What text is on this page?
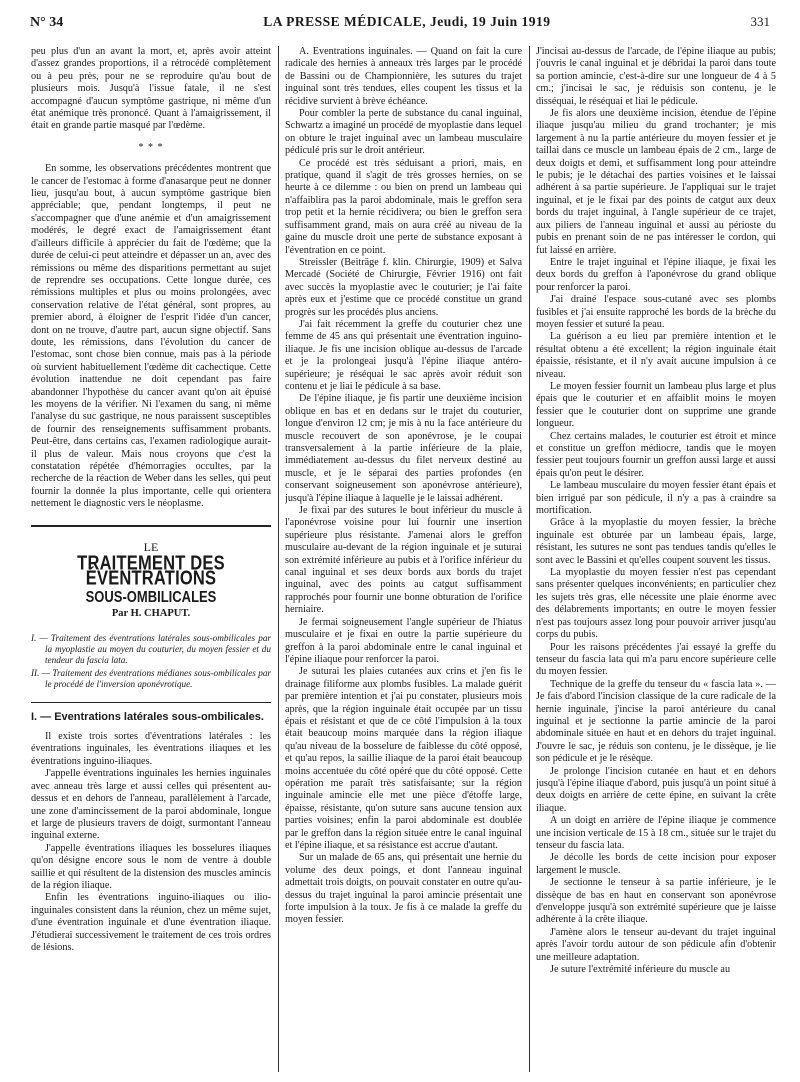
N° 34	LA PRESSE MÉDICALE, Jeudi, 19 Juin 1919	331

peu plus d'un an avant la mort, et, après avoir atteint d'assez grandes proportions, il a rétrocédé complètement ou à peu près, pour ne se reproduire qu'au bout de plusieurs mois. Jusqu'à l'issue fatale, il ne s'est accompagné d'aucun symptôme gastrique, ni même d'un état anémique très prononcé. Quant à l'amaigrissement, il était en grande partie masqué par l'œdème.

* * *

En somme, les observations précédentes montrent que le cancer de l'estomac à forme d'anasarque peut ne donner lieu, jusqu'au bout, à aucun symptôme gastrique bien appréciable; que, pendant longtemps, il peut ne s'accompagner que d'une anémie et d'un amaigrissement modérés, le degré exact de l'amaigrissement étant d'ailleurs difficile à apprécier du fait de l'œdème; que la durée de celui-ci peut atteindre et dépasser un an, avec des rémissions ou même des disparitions permettant au sujet de reprendre ses occupations. Cette longue durée, ces rémissions multiples et plus ou moins prolongées, avec conservation relative de l'état général, sont propres, au premier abord, à éloigner de l'esprit l'idée d'un cancer, dont on ne trouve, d'autre part, aucun signe objectif. Sans doute, les rémissions, dans l'évolution du cancer de l'estomac, sont chose bien connue, mais pas à la période où survient habituellement l'œdème dit cachectique. Cette évolution inattendue ne doit cependant pas faire abandonner l'hypothèse du cancer avant qu'on ait épuisé les moyens de la vérifier. Ni l'examen du sang, ni même l'analyse du suc gastrique, ne nous paraissent susceptibles de fournir des renseignements suffisamment probants. Peut-être, dans certains cas, l'examen radiologique aurait-il plus de valeur. Mais nous croyons que c'est la constatation répétée d'hémorragies occultes, par la recherche de la réaction de Weber dans les selles, qui peut fournir la donnée la plus importante, celle qui orientera nettement le diagnostic vers le néoplasme.

LE
TRAITEMENT DES ÉVENTRATIONS
SOUS-OMBILICALES
Par H. CHAPUT.
I. — Traitement des éventrations latérales sous-ombilicales par la myoplastie au moyen du couturier, du moyen fessier et du tendeur du fascia lata.
II. — Traitement des éventrations médianes sous-ombilicales par le procédé de l'inversion aponévrotique.
I. — Eventrations latérales sous-ombilicales.

Il existe trois sortes d'éventrations latérales : les éventrations inguinales, les éventrations iliaques et les éventrations inguino-iliaques.

J'appelle éventrations inguinales les hernies inguinales avec anneau très large et aussi celles qui présentent au-dessus et en dehors de l'anneau, parallèlement à l'arcade, une zone d'amincissement de la paroi abdominale, longue et large de plusieurs travers de doigt, surmontant l'anneau inguinal externe.

J'appelle éventrations iliaques les bosselures iliaques qu'on désigne encore sous le nom de ventre à double saillie et qui résultent de la distension des muscles amincis de la région iliaque.

Enfin les éventrations inguino-iliaques ou ilio-inguinales consistent dans la réunion, chez un même sujet, d'une éventration inguinale et d'une éventration iliaque. J'étudierai successivement le traitement de ces trois ordres de lésions.

A. Eventrations inguinales. — Quand on fait la cure radicale des hernies à anneaux très larges par le procédé de Bassini ou de Championnière, les sutures du trajet inguinal sont très tendues, elles coupent les tissus et la récidive survient à brève échéance.

Pour combler la perte de substance du canal inguinal, Schwartz a imaginé un procédé de myoplastie dans lequel on obture le trajet inguinal avec un lambeau musculaire pédiculé pris sur le droit antérieur.

Ce procédé est très séduisant a priori, mais, en pratique, quand il s'agit de très grosses hernies, on se heurte à ce dilemme : ou bien on prend un lambeau qui n'affaiblira pas la paroi abdominale, mais le greffon sera trop petit et la hernie récidivera; ou bien le greffon sera suffisamment grand, mais on aura créé au niveau de la gaine du muscle droit une perte de substance exposant à l'éventration en ce point.

Streissler (Beiträge f. klin. Chirurgie, 1909) et Salva Mercadé (Société de Chirurgie, Février 1916) ont fait avec succès la myoplastie avec le couturier; je l'ai faite après eux et j'estime que ce procédé constitue un grand progrès sur les procédés plus anciens.

J'ai fait récemment la greffe du couturier chez une femme de 45 ans qui présentait une éventration inguino-iliaque. Je fis une incision oblique au-dessus de l'arcade et je la prolongeai jusqu'à l'épine iliaque antéro-supérieure; je réséquai le sac après avoir réduit son contenu et je liai le pédicule à sa base.

De l'épine iliaque, je fis partir une deuxième incision oblique en bas et en dedans sur le trajet du couturier, longue d'environ 12 cm; je mis à nu la face antérieure du muscle recouvert de son aponévrose, je le coupai transversalement à la partie inférieure de la plaie, immédiatement au-dessus du filet nerveux destiné au muscle, et je le séparai des parties profondes (en conservant soigneusement son aponévrose antérieure), jusqu'à l'épine iliaque à laquelle je le laissai adhérent.

Je fixai par des sutures le bout inférieur du muscle à l'aponévrose voisine pour lui fournir une insertion supérieure plus résistante. J'amenai alors le greffon musculaire au-devant de la région inguinale et je suturai son extrémité inférieure au pubis et à l'orifice inférieur du canal inguinal et ses deux bords aux bords du trajet inguinal, avec des points au catgut suffisamment rapprochés pour fournir une bonne obturation de l'orifice herniaire.

Je fermai soigneusement l'angle supérieur de l'hiatus musculaire et je fixai en outre la partie supérieure du greffon à la paroi abdominale entre le canal inguinal et l'épine iliaque pour renforcer la paroi.

Je suturai les plaies cutanées aux crins et j'en fis le drainage filiforme aux plombs fusibles. La malade guérit par première intention et j'ai pu constater, plusieurs mois après, que la région inguinale était occupée par un tissu épais et résistant et que de ce côté l'impulsion à la toux était beaucoup moins marquée dans la région iliaque qu'au niveau de la bosselure de faiblesse du côté opposé, et qu'au repos, la saillie iliaque de la paroi était beaucoup moins accentuée du côté opéré que du côté opposé. Cette opération me paraît très satisfaisante; sur la région inguinale amincie elle met une pièce d'étoffe large, épaisse, résistante, qu'on suture sans aucune tension aux parties voisines; enfin la paroi abdominale est doublée par le greffon dans la région située entre le canal inguinal et l'épine iliaque, et sa résistance est accrue d'autant.

Sur un malade de 65 ans, qui présentait une hernie du volume des deux poings, et dont l'anneau inguinal admettait trois doigts, on pouvait constater en outre qu'au-dessus du trajet inguinal la paroi amincie présentait une forte impulsion à la toux. Je fis à ce malade la greffe du moyen fessier.

J'incisai au-dessus de l'arcade, de l'épine iliaque au pubis; j'ouvris le canal inguinal et je débridai la paroi dans toute sa portion amincie, c'est-à-dire sur une longueur de 4 à 5 cm.; j'incisai le sac, je réduisis son contenu, je le disséquai, le réséquai et liai le pédicule.

Je fis alors une deuxième incision, étendue de l'épine iliaque jusqu'au milieu du grand trochanter; je mis largement à nu la partie antérieure du moyen fessier et je taillai dans ce muscle un lambeau épais de 2 cm., large de deux doigts et demi, et suffisamment long pour atteindre le pubis; je le détachai des parties voisines et le laissai adhérent à sa partie supérieure. Je l'appliquai sur le trajet inguinal, et je le fixai par des points de catgut aux deux bords du trajet inguinal, à l'angle supérieur de ce trajet, aux piliers de l'anneau inguinal et aussi au périoste du pubis en prenant soin de ne pas intéresser le cordon, qui fut laissé en arrière.

Entre le trajet inguinal et l'épine iliaque, je fixai les deux bords du greffon à l'aponévrose du grand oblique pour renforcer la paroi.

J'ai drainé l'espace sous-cutané avec ses plombs fusibles et j'ai ensuite rapproché les bords de la brèche du moyen fessier et suturé la peau.

La guérison a eu lieu par première intention et le résultat obtenu a été excellent; la région inguinale était épaissie, résistante, et il n'y avait aucune impulsion à ce niveau.

Le moyen fessier fournit un lambeau plus large et plus épais que le couturier et en affaiblit moins le moyen fessier que le couturier dont on supprime une grande longueur.

Chez certains malades, le couturier est étroit et mince et constitue un greffon médiocre, tandis que le moyen fessier peut toujours fournir un greffon aussi large et aussi épais qu'on peut le désirer.

Le lambeau musculaire du moyen fessier étant épais et bien irrigué par son pédicule, il n'y a pas à craindre sa mortification.

Grâce à la myoplastie du moyen fessier, la brèche inguinale est obturée par un lambeau épais, large, résistant, les sutures ne sont pas tendues tandis qu'elles le sont avec le Bassini et qu'elles coupent souvent les tissus.

La myoplastie du moyen fessier n'est pas cependant sans présenter quelques inconvénients; en particulier chez les sujets très gras, elle nécessite une plaie énorme avec des délabrements importants; en outre le moyen fessier n'est pas toujours assez long pour pouvoir arriver jusqu'au corps du pubis.

Pour les raisons précédentes j'ai essayé la greffe du tenseur du fascia lata qui m'a paru encore supérieure celle du moyen fessier.

Technique de la greffe du tenseur du « fascia lata ». — Je fais d'abord l'incision classique de la cure radicale de la hernie inguinale, j'incise la paroi antérieure du canal inguinal et je sectionne la partie amincie de la paroi abdominale située en haut et en dehors du trajet inguinal. J'ouvre le sac, je réduis son contenu, je le dissèque, je lie son pédicule et je le résèque.

Je prolonge l'incision cutanée en haut et en dehors jusqu'à l'épine iliaque d'abord, puis jusqu'à un point situé à deux doigts en arrière de cette épine, en suivant la crête iliaque.

A un doigt en arrière de l'épine iliaque je commence une incision verticale de 15 à 18 cm., située sur le trajet du tenseur du fascia lata.

Je décolle les bords de cette incision pour exposer largement le muscle.

Je sectionne le tenseur à sa partie inférieure, je le dissèque de bas en haut en conservant son aponévrose d'enveloppe jusqu'à son extrémité supérieure que je laisse adhérente à la crête iliaque.

J'amène alors le tenseur au-devant du trajet inguinal après l'avoir tordu autour de son pédicule afin d'obtenir une meilleure adaptation.

Je suture l'extrémité inférieure du muscle au
